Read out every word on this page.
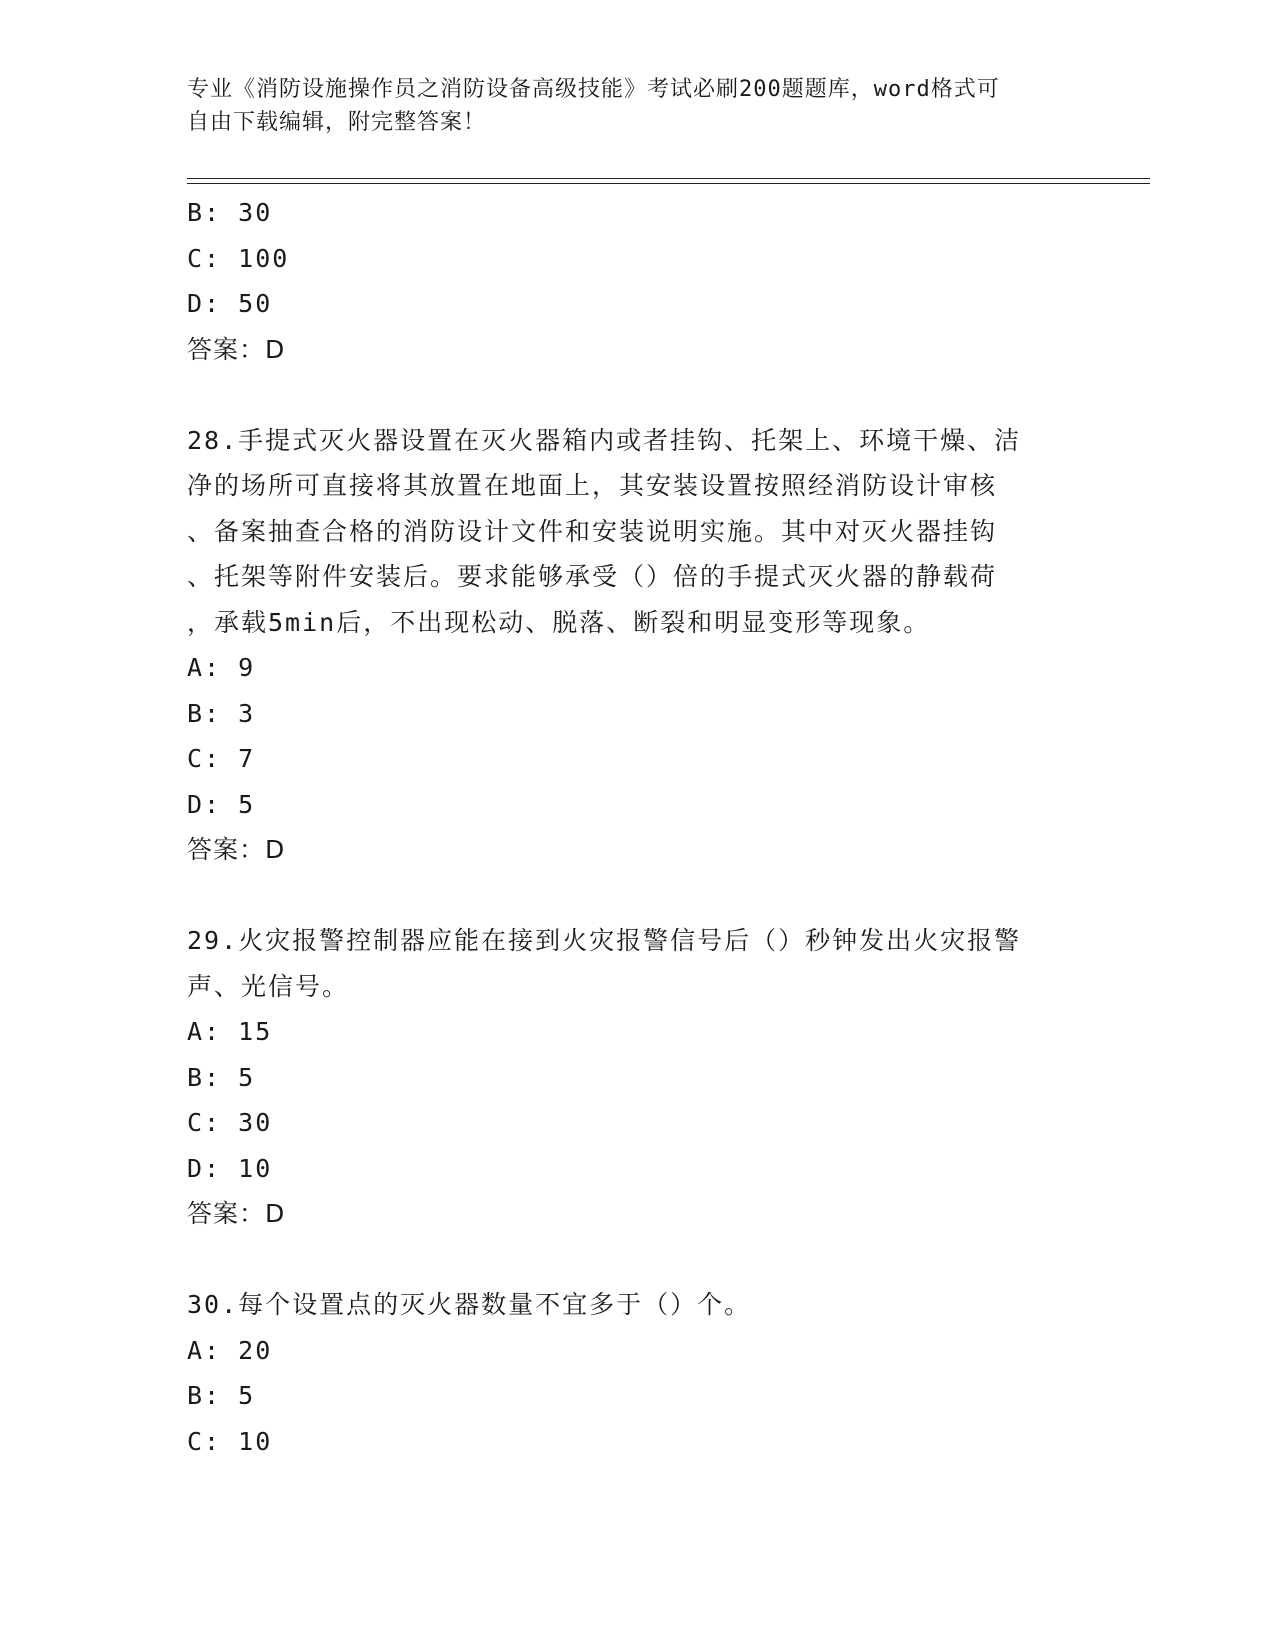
专业《消防设施操作员之消防设备高级技能》考试必刷200题题库，word格式可
自由下载编辑，附完整答案！
B: 30
C: 100
D: 50
答案：D
28.手提式灭火器设置在灭火器箱内或者挂钩、托架上、环境干燥、洁
净的场所可直接将其放置在地面上，其安装设置按照经消防设计审核
、备案抽查合格的消防设计文件和安装说明实施。其中对灭火器挂钩
、托架等附件安装后。要求能够承受（）倍的手提式灭火器的静载荷
，承载5min后，不出现松动、脱落、断裂和明显变形等现象。
A: 9
B: 3
C: 7
D: 5
答案：D
29.火灾报警控制器应能在接到火灾报警信号后（）秒钟发出火灾报警
声、光信号。
A: 15
B: 5
C: 30
D: 10
答案：D
30.每个设置点的灭火器数量不宜多于（）个。
A: 20
B: 5
C: 10
